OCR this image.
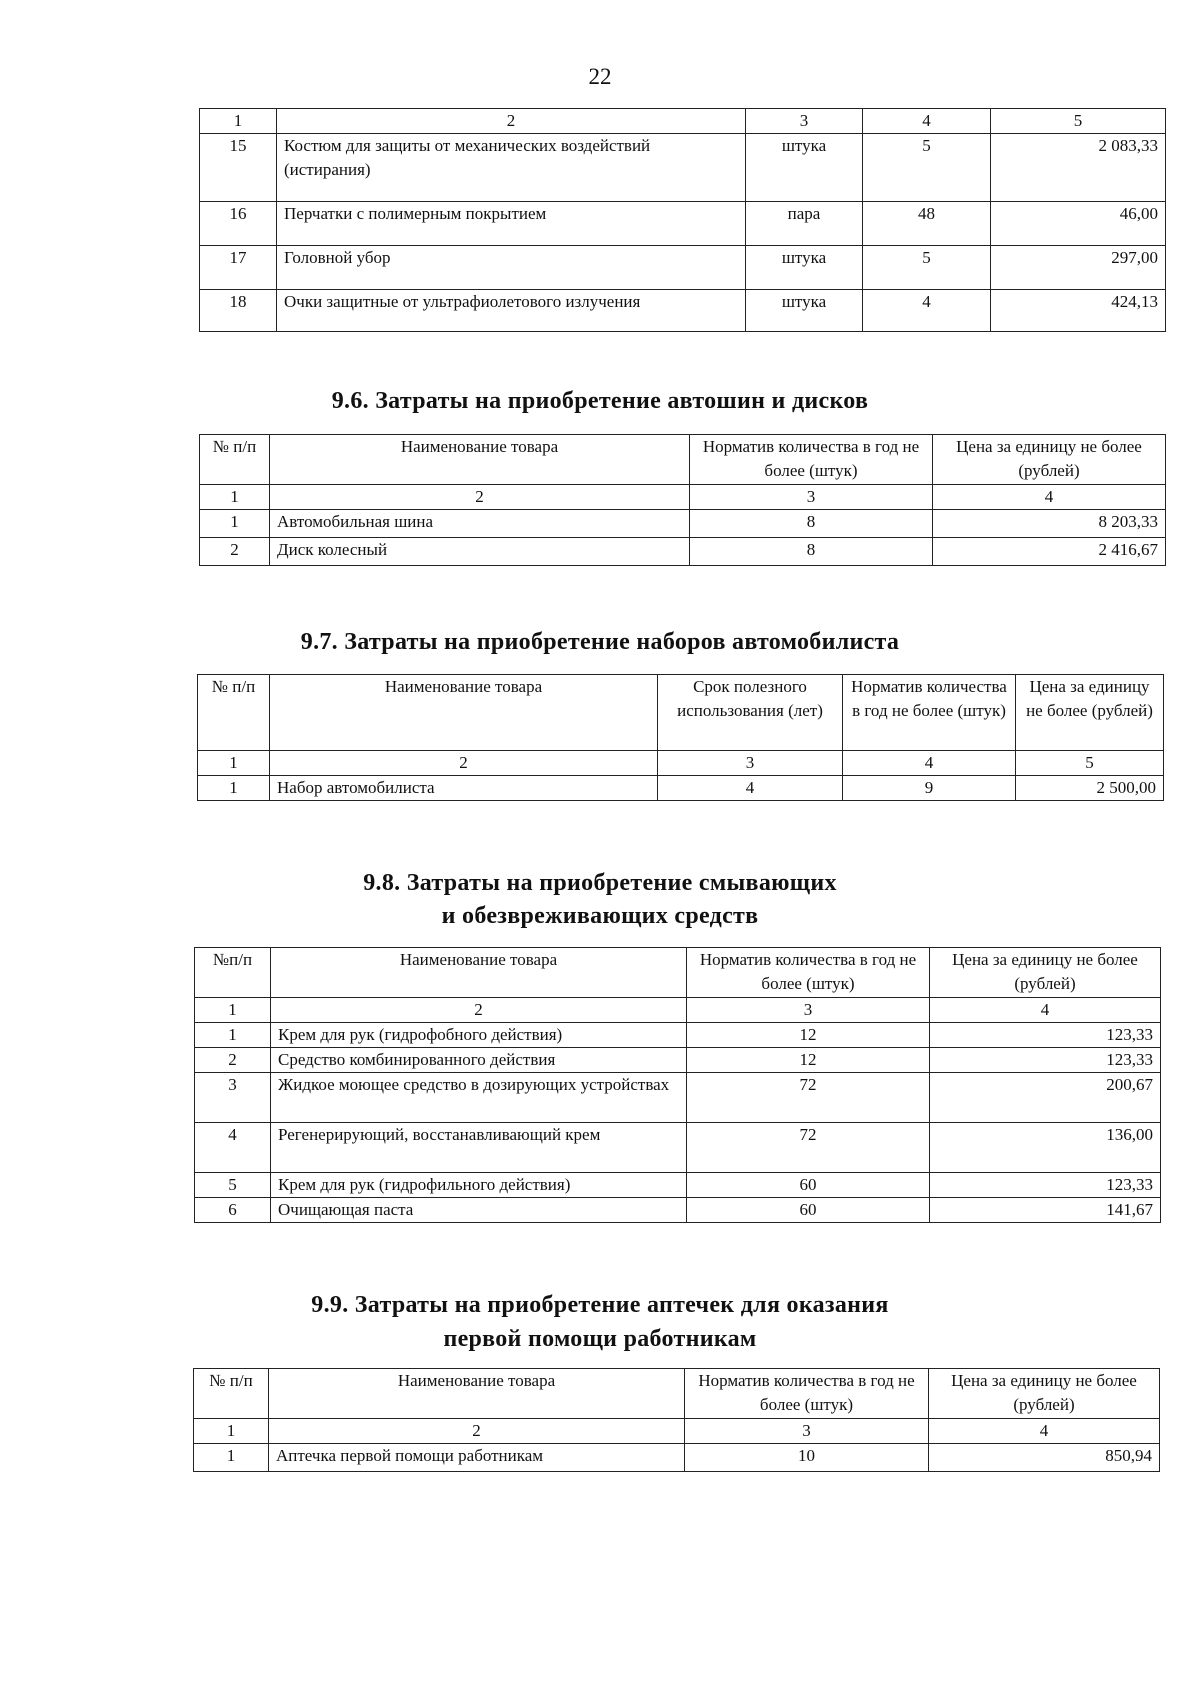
22
1	2	3	4	5
15	Костюм для защиты от механических воздействий (истирания)	штука	5	2 083,33
16	Перчатки с полимерным покрытием	пара	48	46,00
17	Головной убор	штука	5	297,00
18	Очки защитные от ультрафиолетового излучения	штука	4	424,13
9.6. Затраты на приобретение автошин и дисков
№ п/п	Наименование товара	Норматив количества в год не более (штук)	Цена за единицу не более (рублей)
1	2	3	4
1	Автомобильная шина	8	8 203,33
2	Диск колесный	8	2 416,67
9.7. Затраты на приобретение наборов автомобилиста
№ п/п	Наименование товара	Срок полезного использования (лет)	Норматив количества в год не более (штук)	Цена за единицу не более (рублей)
1	2	3	4	5
1	Набор автомобилиста	4	9	2 500,00
9.8. Затраты на приобретение смывающих
и обезвреживающих средств
№п/п	Наименование товара	Норматив количества в год не более (штук)	Цена за единицу не более (рублей)
1	2	3	4
1	Крем для рук (гидрофобного действия)	12	123,33
2	Средство комбинированного действия	12	123,33
3	Жидкое моющее средство в дозирующих устройствах	72	200,67
4	Регенерирующий, восстанавливающий крем	72	136,00
5	Крем для рук (гидрофильного действия)	60	123,33
6	Очищающая паста	60	141,67
9.9. Затраты на приобретение аптечек для оказания
первой помощи работникам
№ п/п	Наименование товара	Норматив количества в год не более (штук)	Цена за единицу не более (рублей)
1	2	3	4
1	Аптечка первой помощи работникам	10	850,94
